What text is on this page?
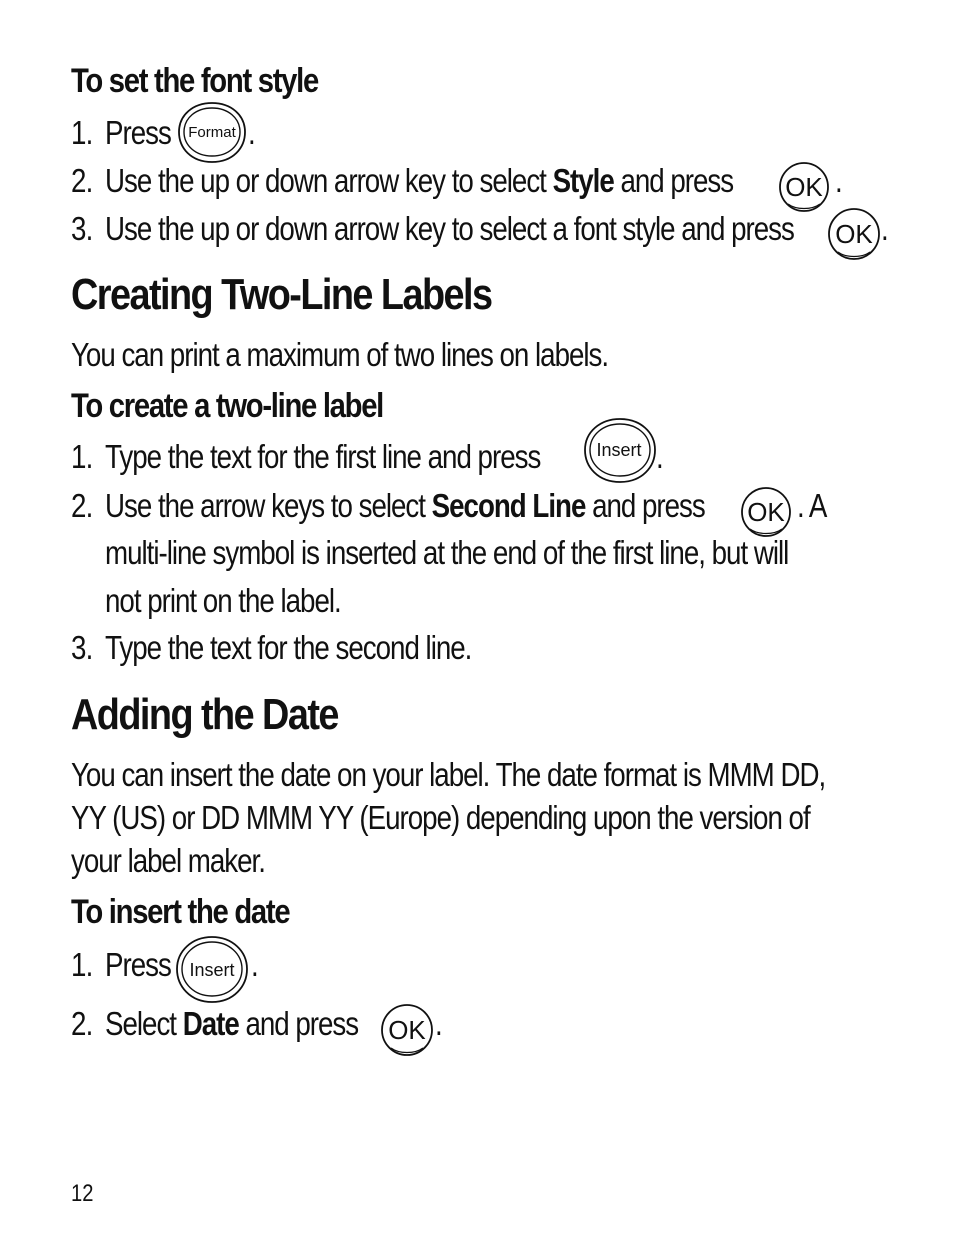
To set the font style
1. Press Format .
2. Use the up or down arrow key to select Style and press OK .
3. Use the up or down arrow key to select a font style and press OK .
Creating Two-Line Labels

You can print a maximum of two lines on labels.

To create a two-line label
1. Type the text for the first line and press	Insert .
2. Use the arrow keys to select Second Line and press OK . A

multi-line symbol is inserted at the end of the first line, but will

not print on the label.

3. Type the text for the second line.
Adding the Date

You can insert the date on your label. The date format is MMM DD,

YY (US) or DD MMM YY (Europe) depending upon the version of

your label maker.

To insert the date
1. Press Insert .
2. Select Date and press OK .
12
